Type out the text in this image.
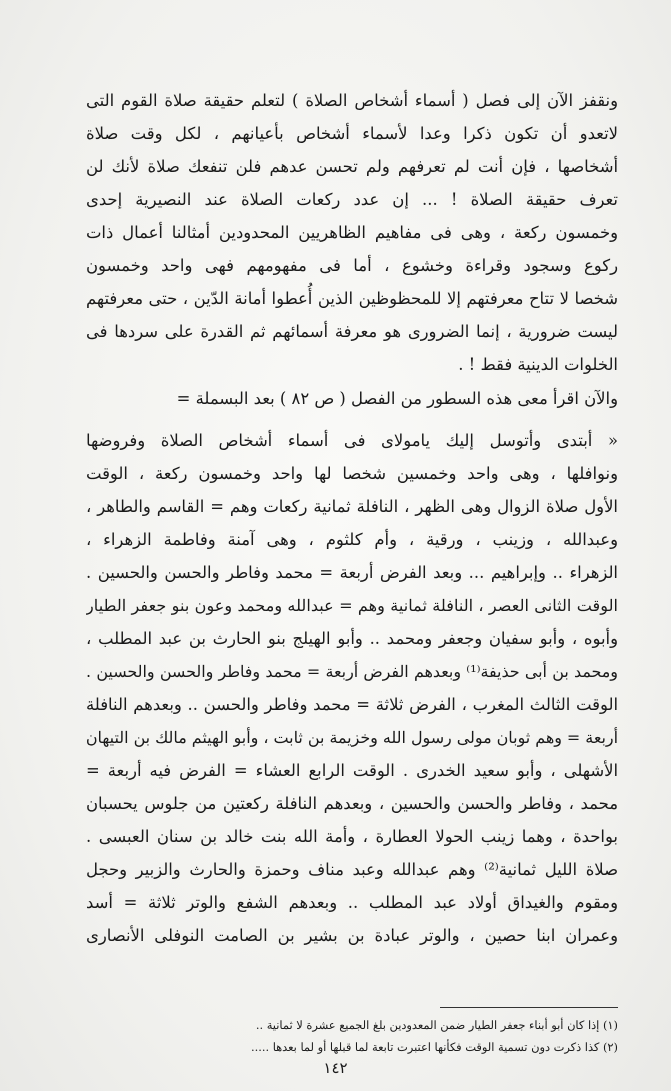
ونقفز الآن إلى فصل ( أسماء أشخاص الصلاة ) لتعلم حقيقة صلاة القوم التى
لاتعدو أن تكون ذكرا وعدا لأسماء أشخاص بأعيانهم ، لكل وقت صلاة
أشخاصها ، فإن أنت لم تعرفهم ولم تحسن عدهم فلن تنفعك صلاة لأنك لن
تعرف حقيقة الصلاة ! ... إن عدد ركعات الصلاة عند النصيرية إحدى
وخمسون ركعة ، وهى فى مفاهيم الظاهريين المحدودين أمثالنا أعمال ذات
ركوع وسجود وقراءة وخشوع ، أما فى مفهومهم فهى واحد وخمسون
شخصا لا تتاح معرفتهم إلا للمحظوظين الذين أُعطوا أمانة الدّين ، حتى معرفتهم
ليست ضرورية ، إنما الضرورى هو معرفة أسمائهم ثم القدرة على سردها فى
الخلوات الدينية فقط ! .
والآن اقرأ معى هذه السطور من الفصل ( ص ٨٢ ) بعد البسملة =
« أبتدى وأتوسل إليك يامولاى فى أسماء أشخاص الصلاة وفروضها
ونوافلها ، وهى واحد وخمسين شخصا لها واحد وخمسون ركعة ، الوقت
الأول صلاة الزوال وهى الظهر ، النافلة ثمانية ركعات وهم = القاسم والطاهر ،
وعبدالله ، وزينب ، ورقية ، وأم كلثوم ، وهى آمنة وفاطمة الزهراء ،
الزهراء .. وإبراهيم ... وبعد الفرض أربعة = محمد وفاطر والحسن والحسين .
الوقت الثانى العصر ، النافلة ثمانية وهم = عبدالله ومحمد وعون بنو جعفر الطيار
وأبوه ، وأبو سفيان وجعفر ومحمد .. وأبو الهيلج بنو الحارث بن عبد المطلب ،
ومحمد بن أبى حذيفة⁽¹⁾ وبعدهم الفرض أربعة = محمد وفاطر والحسن والحسين .
الوقت الثالث المغرب ، الفرض ثلاثة = محمد وفاطر والحسن .. وبعدهم النافلة
أربعة = وهم ثوبان مولى رسول الله وخزيمة بن ثابت ، وأبو الهيثم مالك بن التيهان
الأشهلى ، وأبو سعيد الخدرى . الوقت الرابع العشاء = الفرض فيه أربعة =
محمد ، وفاطر والحسن والحسين ، وبعدهم النافلة ركعتين من جلوس يحسبان
بواحدة ، وهما زينب الحولا العطارة ، وأمة الله بنت خالد بن سنان العبسى .
صلاة الليل ثمانية⁽²⁾ وهم عبدالله وعبد مناف وحمزة والحارث والزبير وحجل
ومقوم والغيداق أولاد عبد المطلب .. وبعدهم الشفع والوتر ثلاثة = أسد
وعمران ابنا حصين ، والوتر عبادة بن بشير بن الصامت النوفلى الأنصارى
(١) إذا كان أبو أبناء جعفر الطيار ضمن المعدودين بلغ الجميع عشرة لا ثمانية ..
(٢) كذا ذكرت دون تسمية الوقت فكأنها اعتبرت تابعة لما قبلها أو لما بعدها .....
١٤٢
